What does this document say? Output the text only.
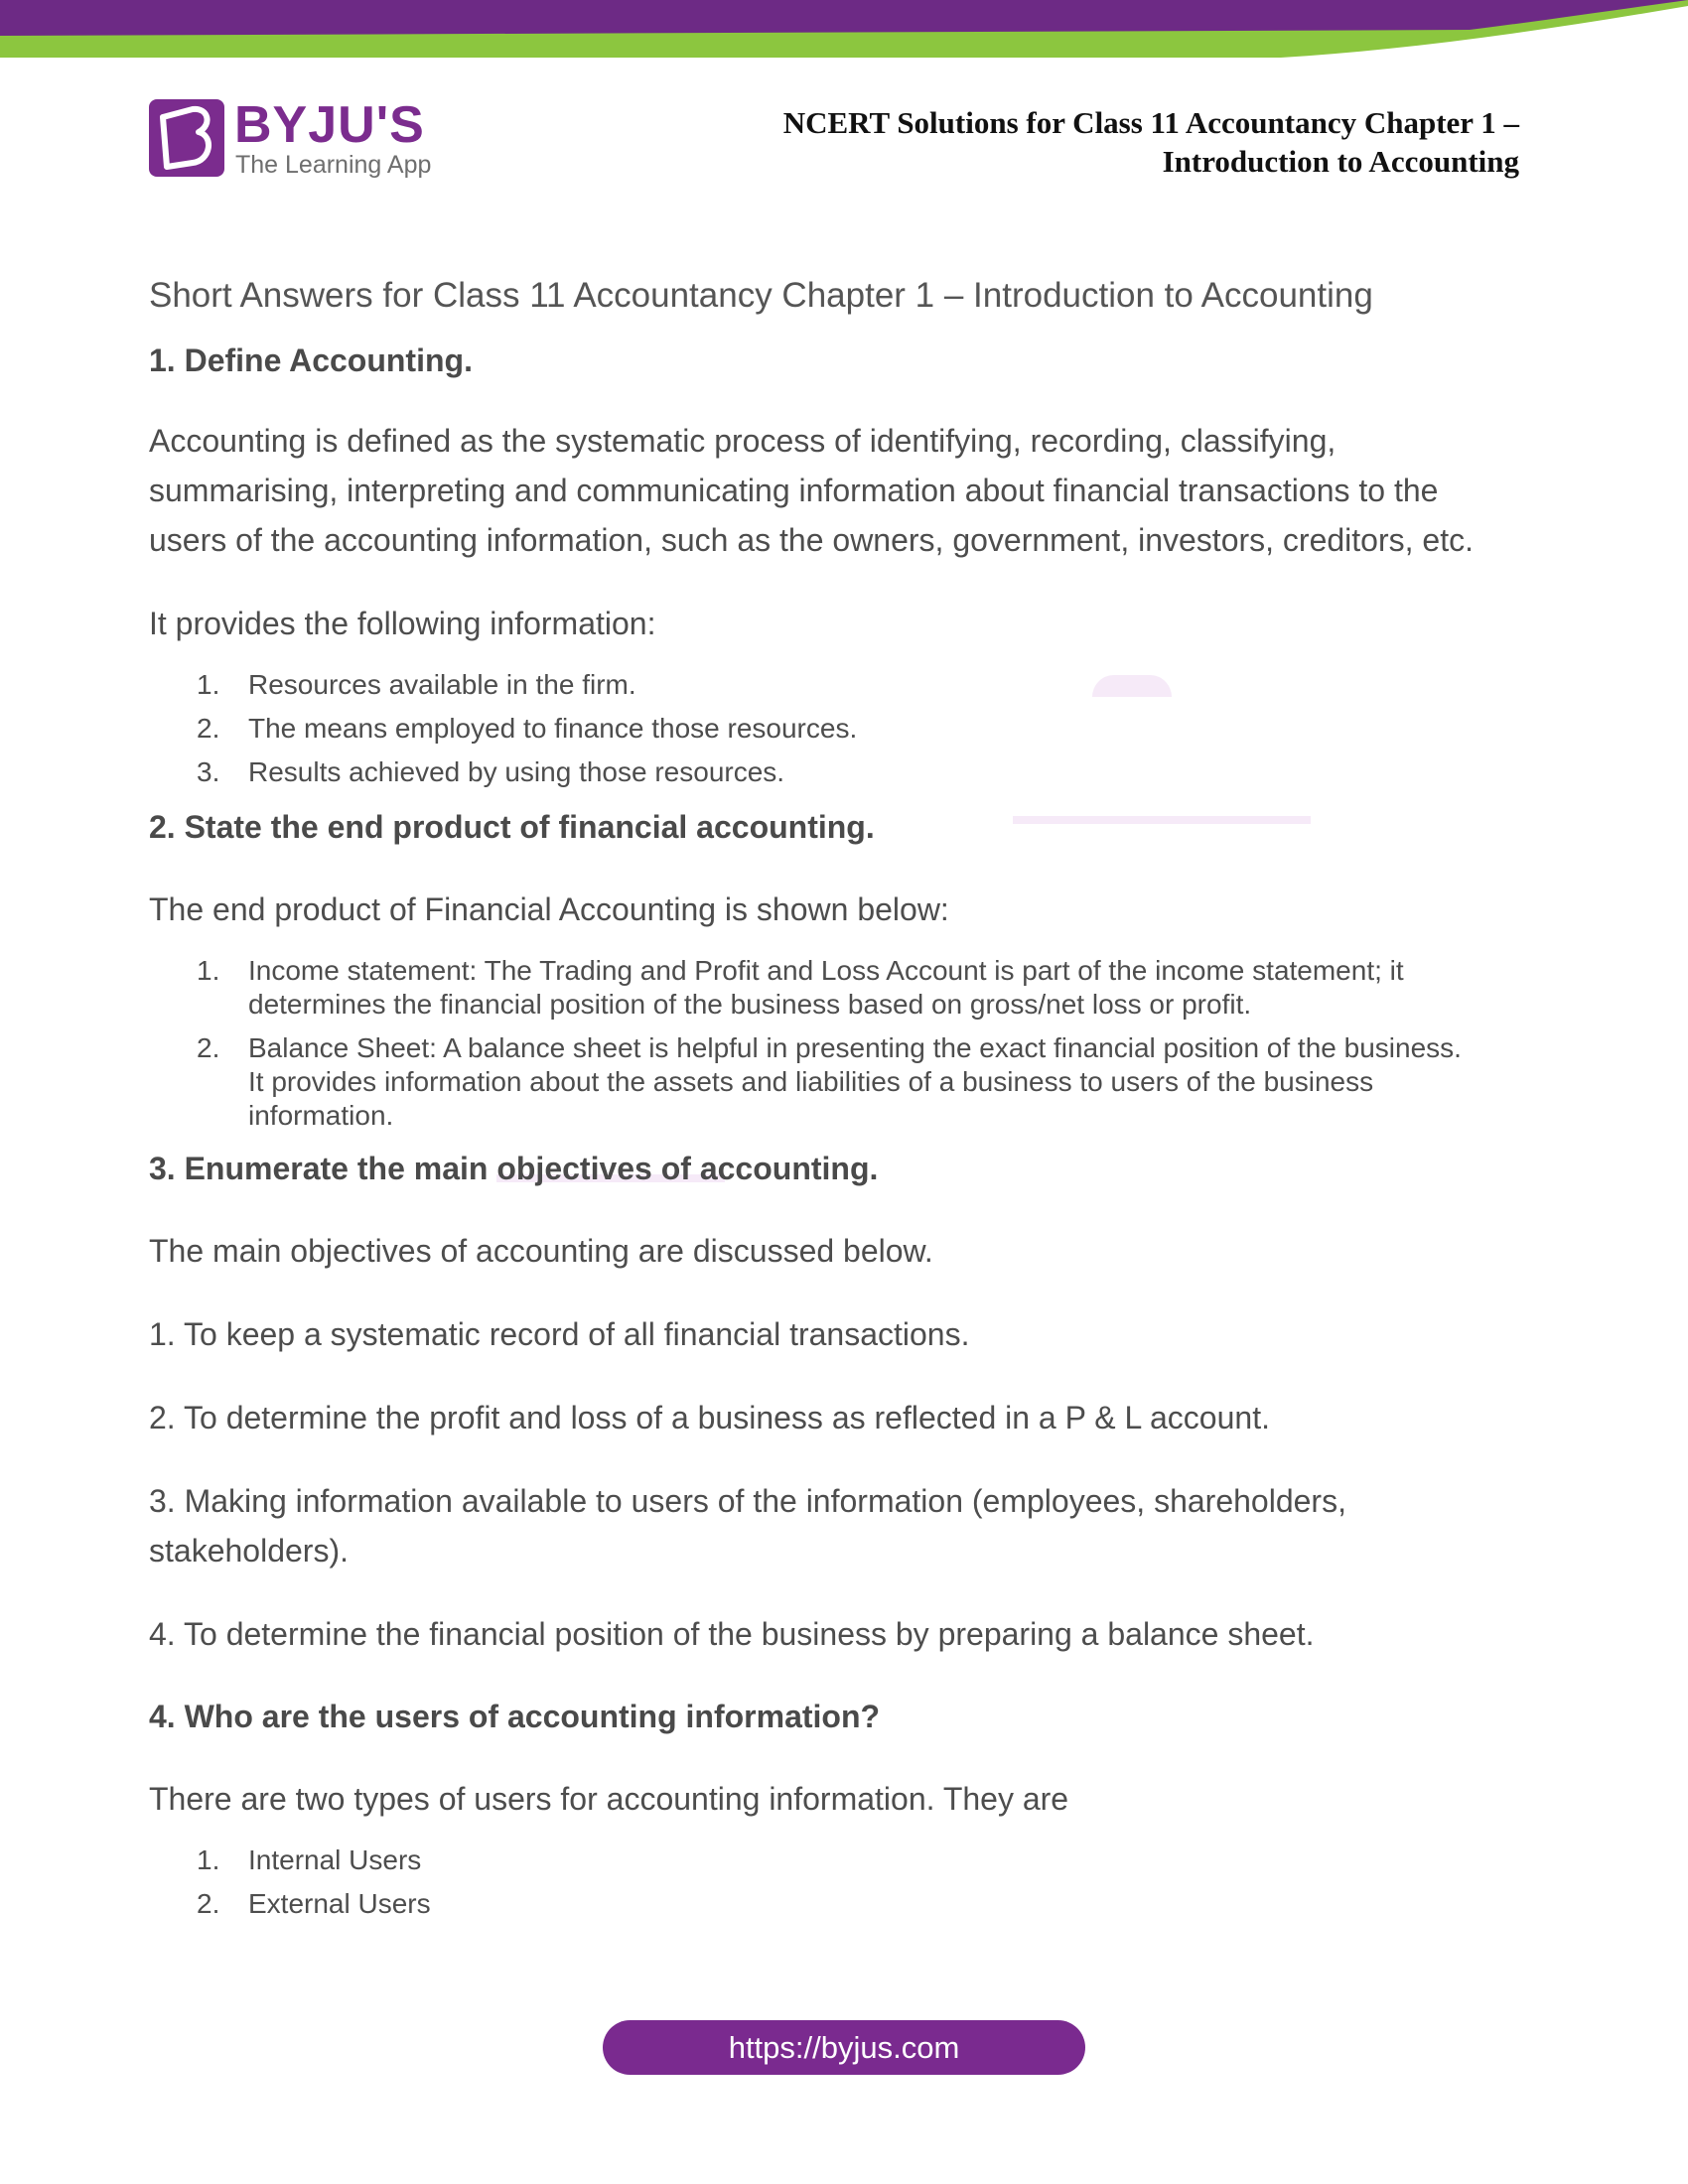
BYJU'S
The Learning App
NCERT Solutions for Class 11 Accountancy Chapter 1 –
Introduction to Accounting

Short Answers for Class 11 Accountancy Chapter 1 – Introduction to Accounting

1. Define Accounting.

Accounting is defined as the systematic process of identifying, recording, classifying,

summarising, interpreting and communicating information about financial transactions to the

users of the accounting information, such as the owners, government, investors, creditors, etc.

It provides the following information:

1. Resources available in the firm.
2. The means employed to finance those resources.
3. Results achieved by using those resources.

2. State the end product of financial accounting.

The end product of Financial Accounting is shown below:

1. Income statement: The Trading and Profit and Loss Account is part of the income statement; it
determines the financial position of the business based on gross/net loss or profit.
2. Balance Sheet: A balance sheet is helpful in presenting the exact financial position of the business.
It provides information about the assets and liabilities of a business to users of the business
information.

3. Enumerate the main objectives of accounting.

The main objectives of accounting are discussed below.

1. To keep a systematic record of all financial transactions.

2. To determine the profit and loss of a business as reflected in a P & L account.

3. Making information available to users of the information (employees, shareholders,

stakeholders).

4. To determine the financial position of the business by preparing a balance sheet.

4. Who are the users of accounting information?

There are two types of users for accounting information. They are

1. Internal Users
2. External Users
https://byjus.com
